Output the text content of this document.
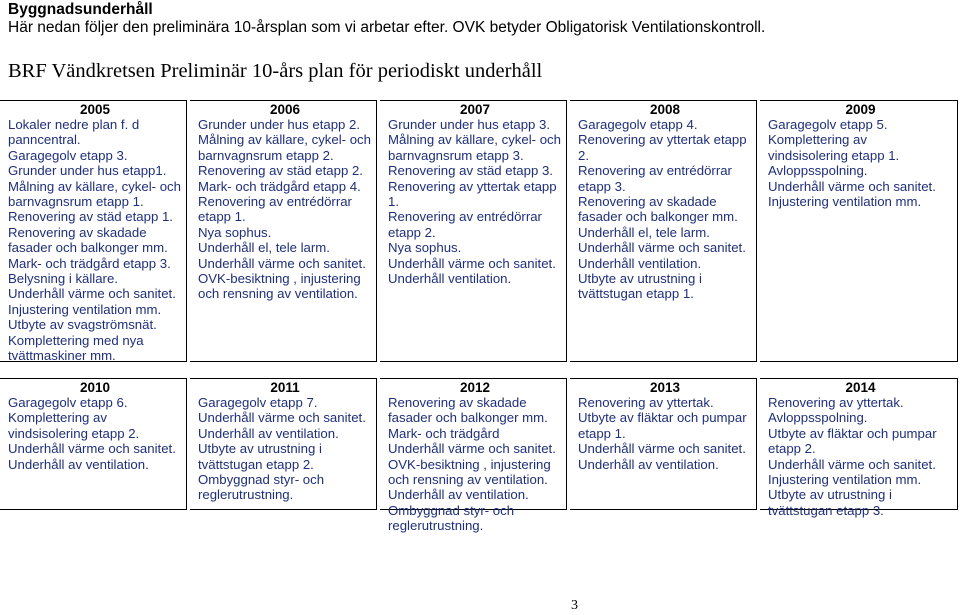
Byggnadsunderhåll
Här nedan följer den preliminära 10-årsplan som vi arbetar efter. OVK betyder Obligatorisk Ventilationskontroll.
BRF Vändkretsen Preliminär 10-års plan för periodiskt underhåll
2005
Lokaler nedre plan f. d
panncentral.
Garagegolv etapp 3.
Grunder under hus etapp1.
Målning av källare, cykel- och
barnvagnsrum etapp 1.
Renovering av städ etapp 1.
Renovering av skadade
fasader och balkonger mm.
Mark- och trädgård etapp 3.
Belysning i källare.
Underhåll värme och sanitet.
Injustering ventilation mm.
Utbyte av svagströmsnät.
Komplettering med nya
tvättmaskiner mm.
2006
Grunder under hus etapp 2.
Målning av källare, cykel- och
barnvagnsrum etapp 2.
Renovering av städ etapp 2.
Mark- och trädgård etapp 4.
Renovering av entrédörrar
etapp 1.
Nya sophus.
Underhåll el, tele larm.
Underhåll värme och sanitet.
OVK-besiktning , injustering
och rensning av ventilation.
2007
Grunder under hus etapp 3.
Målning av källare, cykel- och
barnvagnsrum etapp 3.
Renovering av städ etapp 3.
Renovering av yttertak etapp
1.
Renovering av entrédörrar
etapp 2.
Nya sophus.
Underhåll värme och sanitet.
Underhåll ventilation.
2008
Garagegolv etapp 4.
Renovering av yttertak etapp
2.
Renovering av entrédörrar
etapp 3.
Renovering av skadade
fasader och balkonger mm.
Underhåll el, tele larm.
Underhåll värme och sanitet.
Underhåll ventilation.
Utbyte av utrustning i
tvättstugan etapp 1.
2009
Garagegolv etapp 5.
Komplettering av
vindsisolering etapp 1.
Avloppsspolning.
Underhåll värme och sanitet.
Injustering ventilation mm.
2010
Garagegolv etapp 6.
Komplettering av
vindsisolering etapp 2.
Underhåll värme och sanitet.
Underhåll av ventilation.
2011
Garagegolv etapp 7.
Underhåll värme och sanitet.
Underhåll av ventilation.
Utbyte av utrustning i
tvättstugan etapp 2.
Ombyggnad styr- och
reglerutrustning.
2012
Renovering av skadade
fasader och balkonger mm.
Mark- och trädgård
Underhåll värme och sanitet.
OVK-besiktning , injustering
och rensning av ventilation.
Underhåll av ventilation.
Ombyggnad styr- och
reglerutrustning.
2013
Renovering av yttertak.
Utbyte av fläktar och pumpar
etapp 1.
Underhåll värme och sanitet.
Underhåll av ventilation.
2014
Renovering av yttertak.
Avloppsspolning.
Utbyte av fläktar och pumpar
etapp 2.
Underhåll värme och sanitet.
Injustering ventilation mm.
Utbyte av utrustning i
tvättstugan etapp 3.
3
